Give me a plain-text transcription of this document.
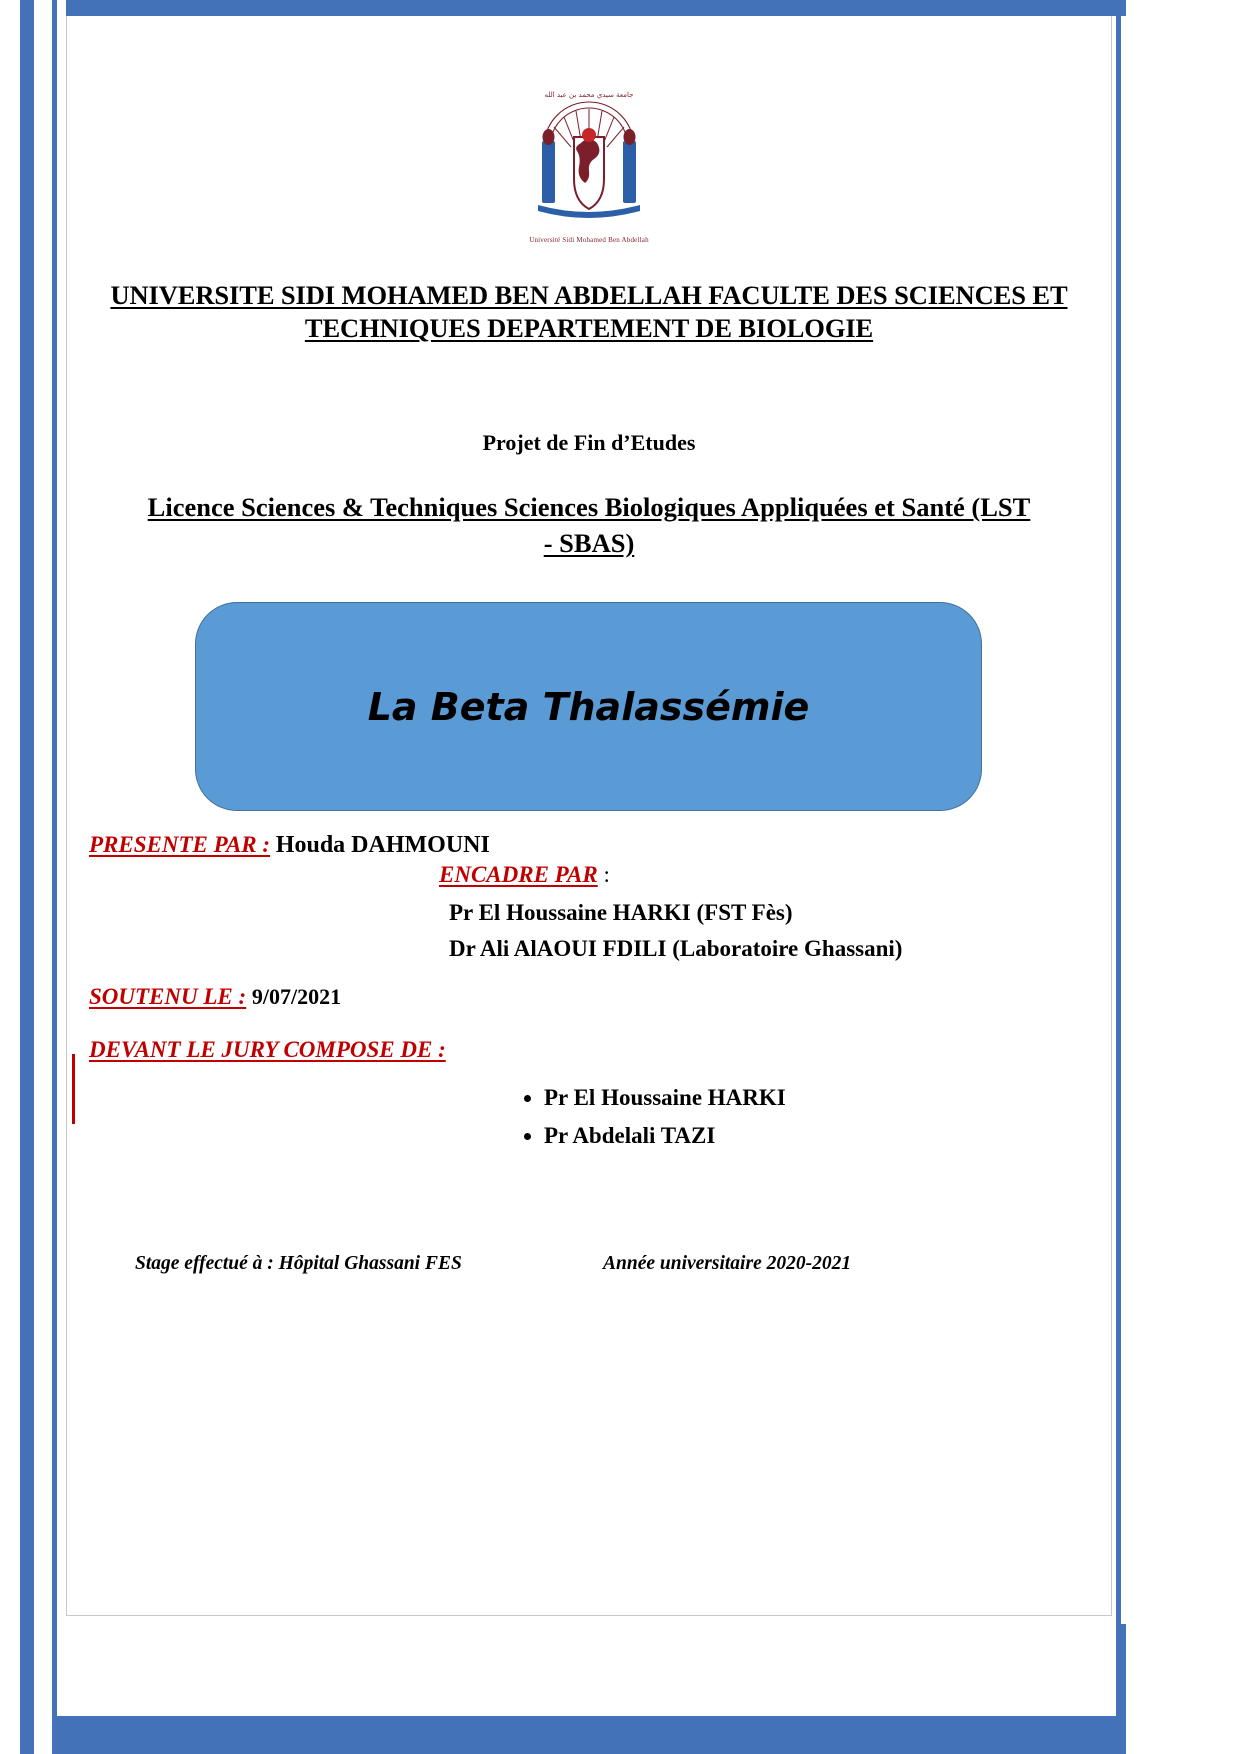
جامعة سيدي محمد بن عبد الله
Université Sidi Mohamed Ben Abdellah
UNIVERSITE SIDI MOHAMED BEN ABDELLAH FACULTE DES SCIENCES ET TECHNIQUES DEPARTEMENT DE BIOLOGIE
Projet de Fin d’Etudes
Licence Sciences & Techniques Sciences Biologiques Appliquées et Santé (LST - SBAS)
La Beta Thalassémie
PRESENTE PAR : Houda DAHMOUNI
ENCADRE PAR :
Pr El Houssaine HARKI (FST Fès)
Dr Ali AlAOUI FDILI (Laboratoire Ghassani)
SOUTENU LE : 9/07/2021
DEVANT LE JURY COMPOSE DE :
• Pr El Houssaine HARKI
• Pr Abdelali TAZI
Stage effectué à : Hôpital Ghassani FES	Année universitaire 2020-2021
